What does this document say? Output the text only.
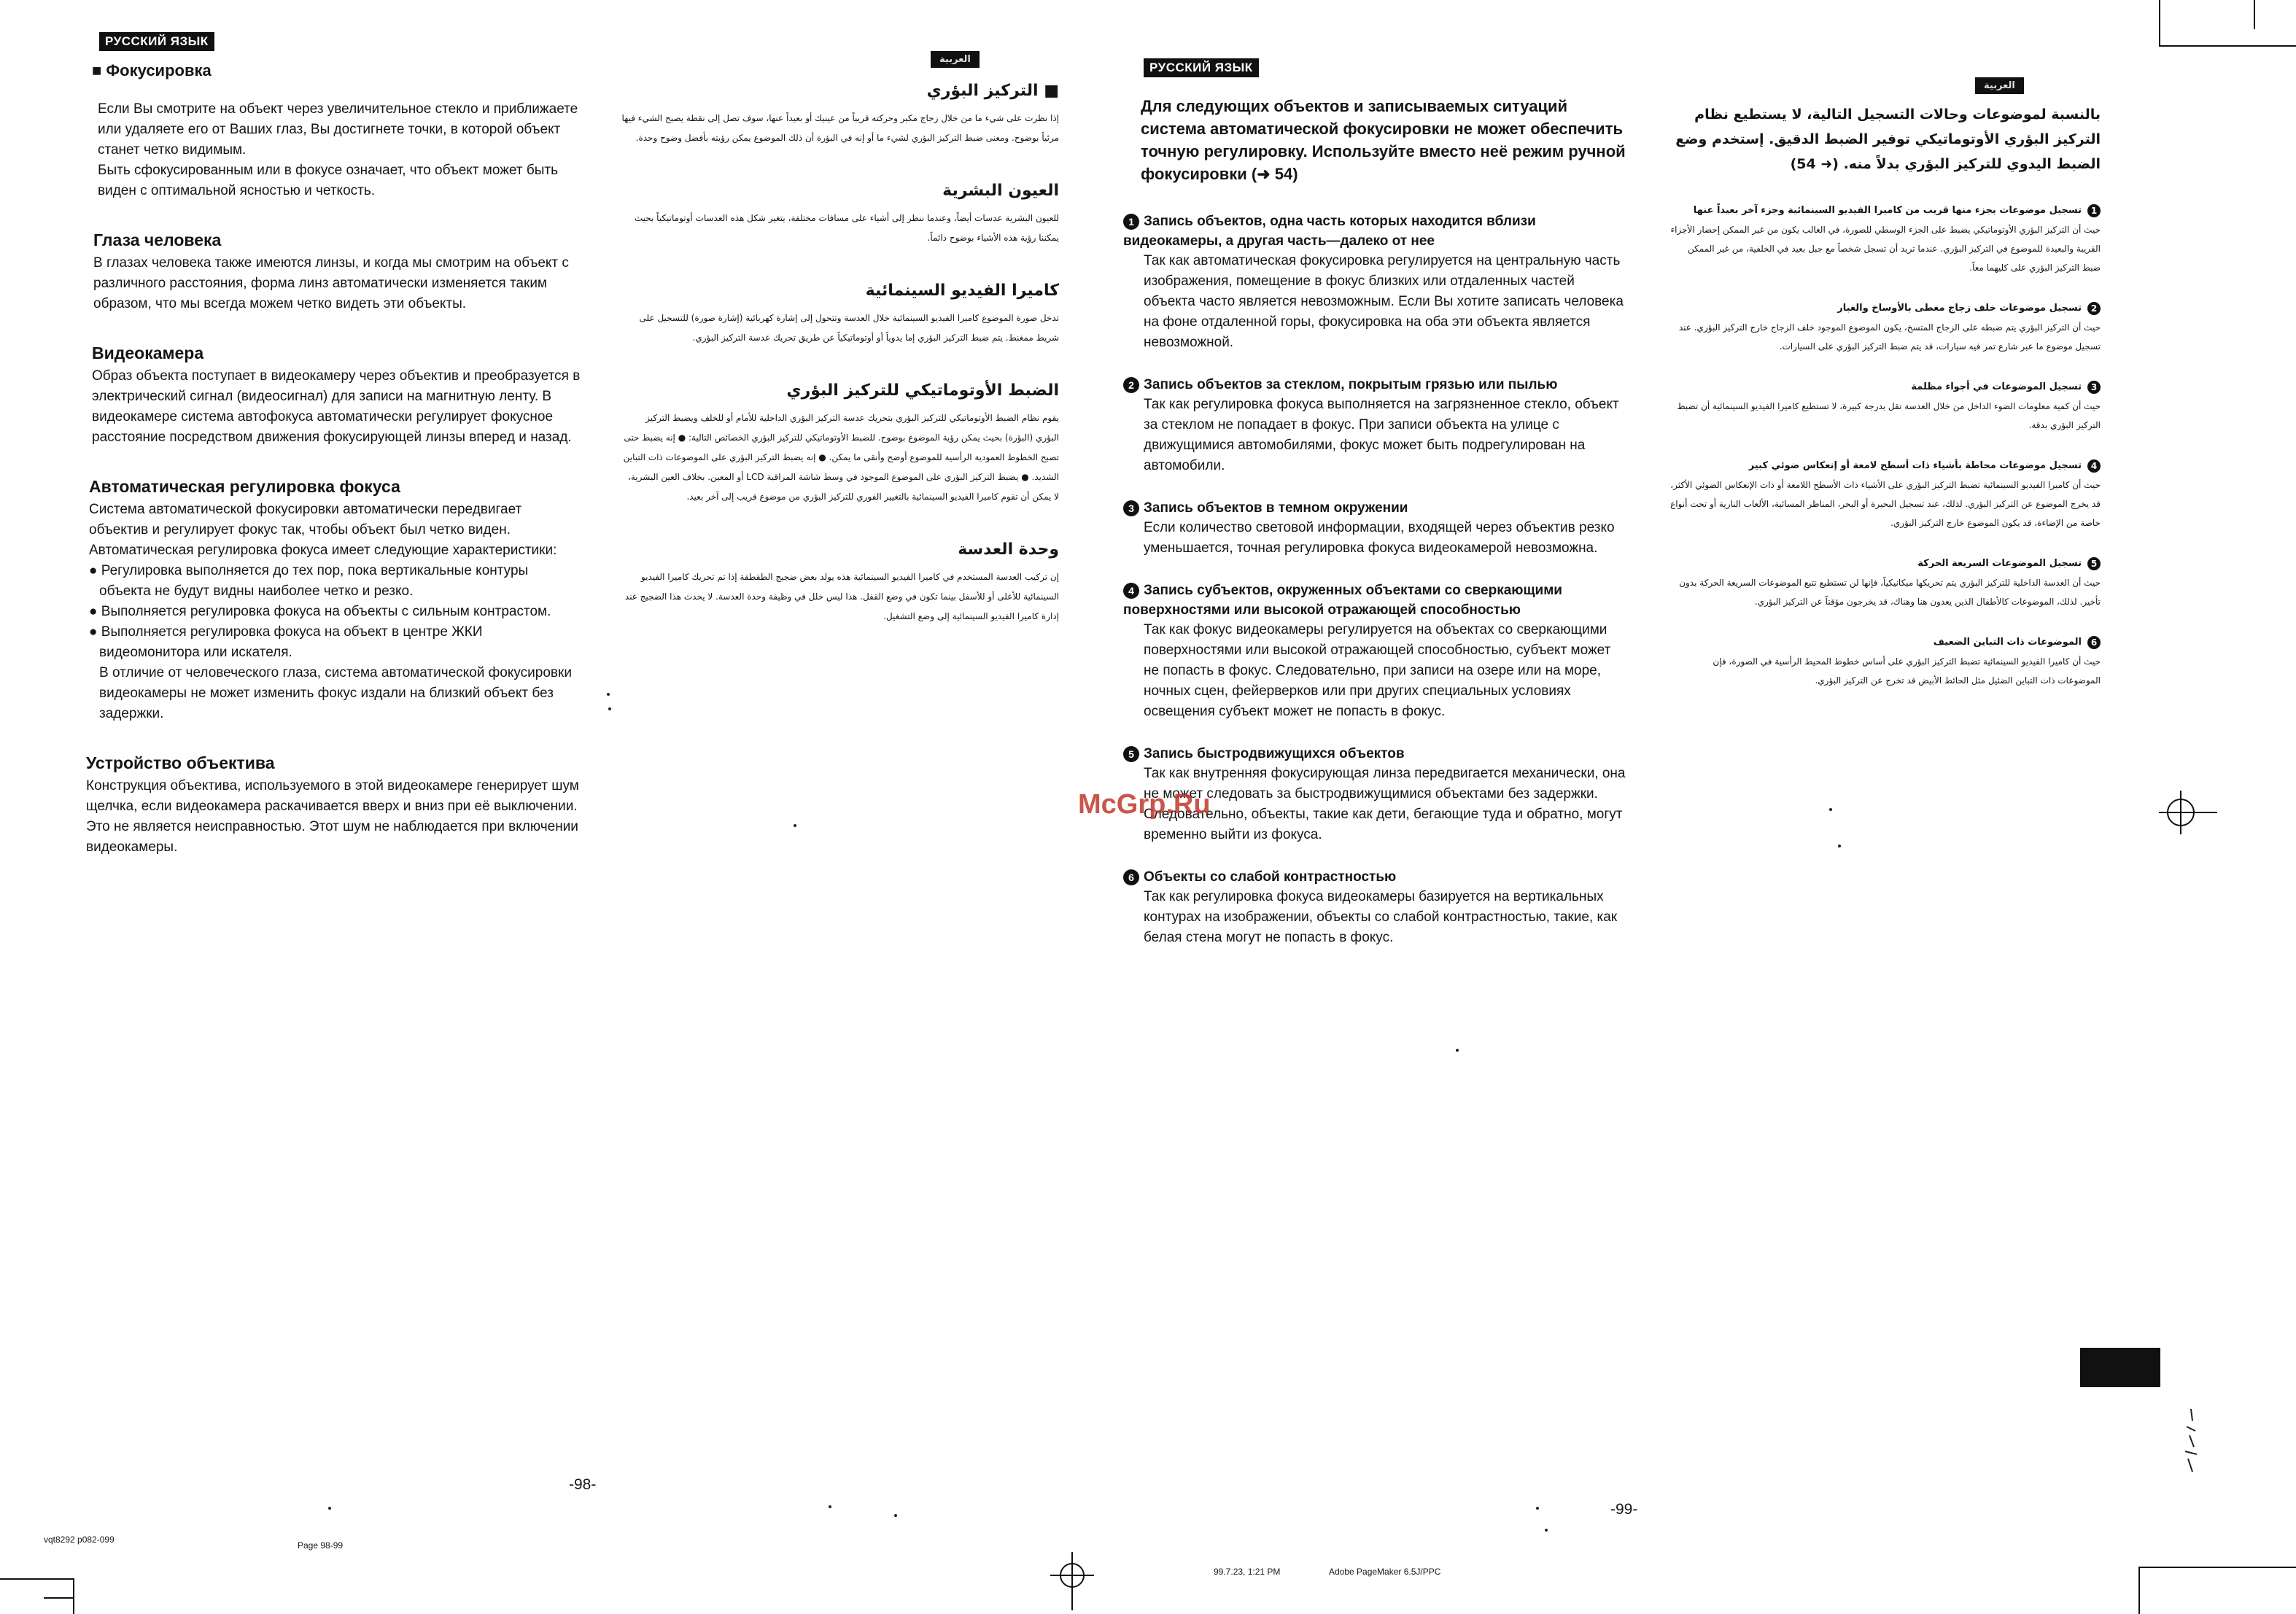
РУССКИЙ ЯЗЫК
■ Фокусировка

Если Вы смотрите на объект через увеличительное стекло и приближаете или удаляете его от Ваших глаз, Вы достигнете точки, в которой объект станет четко видимым.

Быть сфокусированным или в фокусе означает, что объект может быть виден с оптимальной ясностью и четкость.

Глаза человека

В глазах человека также имеются линзы, и когда мы смотрим на объект с различного расстояния, форма линз автоматически изменяется таким образом, что мы всегда можем четко видеть эти объекты.

Видеокамера

Образ объекта поступает в видеокамеру через объектив и преобразуется в электрический сигнал (видеосигнал) для записи на магнитную ленту. В видеокамере система автофокуса автоматически регулирует фокусное расстояние посредством движения фокусирующей линзы вперед и назад.

Автоматическая регулировка фокуса

Система автоматической фокусировки автоматически передвигает объектив и регулирует фокус так, чтобы объект был четко виден.

Автоматическая регулировка фокуса имеет следующие характеристики:

● Регулировка выполняется до тех пор, пока вертикальные контуры объекта не будут видны наиболее четко и резко.

● Выполняется регулировка фокуса на объекты с сильным контрастом.

● Выполняется регулировка фокуса на объект в центре ЖКИ видеомонитора или искателя.

В отличие от человеческого глаза, система автоматической фокусировки видеокамеры не может изменить фокус издали на близкий объект без задержки.

Устройство объектива

Конструкция объектива, используемого в этой видеокамере генерирует шум щелчка, если видеокамера раскачивается вверх и вниз при её выключении. Это не является неисправностью. Этот шум не наблюдается при включении видеокамеры.

العربية
■ التركيز البؤري

إذا نظرت على شيء ما من خلال زجاج مكبر وحركته قريباً من عينيك أو بعيداً عنها، سوف تصل إلى نقطة يصبح الشيء فيها مرئياً بوضوح. ومعنى ضبط التركيز البؤري لشيء ما أو إنه في البؤرة أن ذلك الموضوع يمكن رؤيته بأفضل وضوح وحدة.

العيون البشرية

للعيون البشرية عدسات أيضاً، وعندما ننظر إلى أشياء على مسافات مختلفة، يتغير شكل هذه العدسات أوتوماتيكياً بحيث يمكننا رؤية هذه الأشياء بوضوح دائماً.

كاميرا الفيديو السينمائية

تدخل صورة الموضوع كاميرا الفيديو السينمائية خلال العدسة وتتحول إلى إشارة كهربائية (إشارة صورة) للتسجيل على شريط ممغنط. يتم ضبط التركيز البؤري إما يدوياً أو أوتوماتيكياً عن طريق تحريك عدسة التركيز البؤري.

الضبط الأوتوماتيكي للتركيز البؤري

يقوم نظام الضبط الأوتوماتيكي للتركيز البؤري بتحريك عدسة التركيز البؤري الداخلية للأمام أو للخلف ويضبط التركيز البؤري (البؤرة) بحيث يمكن رؤية الموضوع بوضوح. للضبط الأوتوماتيكي للتركيز البؤري الخصائص التالية: ● إنه يضبط حتى تصبح الخطوط العمودية الرأسية للموضوع أوضح وأنقى ما يمكن. ● إنه يضبط التركيز البؤري على الموضوعات ذات التباين الشديد. ● يضبط التركيز البؤري على الموضوع الموجود في وسط شاشة المراقبة LCD أو المعين. بخلاف العين البشرية، لا يمكن أن تقوم كاميرا الفيديو السينمائية بالتغيير الفوري للتركيز البؤري من موضوع قريب إلى آخر بعيد.

وحدة العدسة

إن تركيب العدسة المستخدم في كاميرا الفيديو السينمائية هذه يولد بعض ضجيج الطقطقة إذا تم تحريك كاميرا الفيديو السينمائية للأعلى أو للأسفل بينما تكون في وضع القفل. هذا ليس خلل في وظيفة وحدة العدسة. لا يحدث هذا الضجيج عند إدارة كاميرا الفيديو السينمائية إلى وضع التشغيل.

-98-
РУССКИЙ ЯЗЫК
Для следующих объектов и записываемых ситуаций система автоматической фокусировки не может обеспечить точную регулировку. Используйте вместо неё режим ручной фокусировки (➜ 54)
1 Запись объектов, одна часть которых находится вблизи видеокамеры, а другая часть—далеко от нее

Так как автоматическая фокусировка регулируется на центральную часть изображения, помещение в фокус близких или отдаленных частей объекта часто является невозможным. Если Вы хотите записать человека на фоне отдаленной горы, фокусировка на оба эти объекта является невозможной.

2 Запись объектов за стеклом, покрытым грязью или пылью

Так как регулировка фокуса выполняется на загрязненное стекло, объект за стеклом не попадает в фокус. При записи объекта на улице с движущимися автомобилями, фокус может быть подрегулирован на автомобили.

3 Запись объектов в темном окружении

Если количество световой информации, входящей через объектив резко уменьшается, точная регулировка фокуса видеокамерой невозможна.

4 Запись субъектов, окруженных объектами со сверкающими поверхностями или высокой отражающей способностью

Так как фокус видеокамеры регулируется на объектах со сверкающими поверхностями или высокой отражающей способностью, субъект может не попасть в фокус. Следовательно, при записи на озере или на море, ночных сцен, фейерверков или при других специальных условиях освещения субъект может не попасть в фокус.

5 Запись быстродвижущихся объектов

Так как внутренняя фокусирующая линза передвигается механически, она не может следовать за быстродвижущимися объектами без задержки. Следовательно, объекты, такие как дети, бегающие туда и обратно, могут временно выйти из фокуса.

6 Объекты со слабой контрастностью

Так как регулировка фокуса видеокамеры базируется на вертикальных контурах на изображении, объекты со слабой контрастностью, такие, как белая стена могут не попасть в фокус.

العربية
بالنسبة لموضوعات وحالات التسجيل التالية، لا يستطيع نظام التركيز البؤري الأوتوماتيكي توفير الضبط الدقيق. إستخدم وضع الضبط اليدوي للتركيز البؤري بدلاً منه. (➜ 54)
1تسجيل موضوعات بجزء منها قريب من كاميرا الفيديو السينمائية وجزء آخر بعيداً عنها

حيث أن التركيز البؤري الأوتوماتيكي يضبط على الجزء الوسطي للصورة، في الغالب يكون من غير الممكن إحضار الأجزاء القريبة والبعيدة للموضوع في التركيز البؤري. عندما تريد أن تسجل شخصاً مع جبل بعيد في الخلفية، من غير الممكن ضبط التركيز البؤري على كليهما معاً.

2تسجيل موضوعات خلف زجاج مغطى بالأوساخ والغبار

حيث أن التركيز البؤري يتم ضبطه على الزجاج المتسخ، يكون الموضوع الموجود خلف الزجاج خارج التركيز البؤري. عند تسجيل موضوع ما عبر شارع تمر فيه سيارات، قد يتم ضبط التركيز البؤري على السيارات.

3تسجيل الموضوعات في أجواء مظلمة

حيث أن كمية معلومات الضوء الداخل من خلال العدسة تقل بدرجة كبيرة، لا تستطيع كاميرا الفيديو السينمائية أن تضبط التركيز البؤري بدقة.

4تسجيل موضوعات محاطة بأشياء ذات أسطح لامعة أو إنعكاس ضوئي كبير

حيث أن كاميرا الفيديو السينمائية تضبط التركيز البؤري على الأشياء ذات الأسطح اللامعة أو ذات الإنعكاس الضوئي الأكثر، قد يخرج الموضوع عن التركيز البؤري. لذلك، عند تسجيل البحيرة أو البحر، المناظر المسائية، الألعاب النارية أو تحت أنواع خاصة من الإضاءة، قد يكون الموضوع خارج التركيز البؤري.

5تسجيل الموضوعات السريعة الحركة

حيث أن العدسة الداخلية للتركيز البؤري يتم تحريكها ميكانيكياً، فإنها لن تستطيع تتبع الموضوعات السريعة الحركة بدون تأخير. لذلك، الموضوعات كالأطفال الذين يعدون هنا وهناك، قد يخرجون مؤقتاً عن التركيز البؤري.

6الموضوعات ذات التباين الضعيف

حيث أن كاميرا الفيديو السينمائية تضبط التركيز البؤري على أساس خطوط المحيط الرأسية في الصورة، فإن الموضوعات ذات التباين الضئيل مثل الحائط الأبيض قد تخرج عن التركيز البؤري.

-99-
McGrp.Ru
vqt8292 p082-099
Page 98-99
99.7.23, 1:21 PM	Adobe PageMaker 6.5J/PPC
